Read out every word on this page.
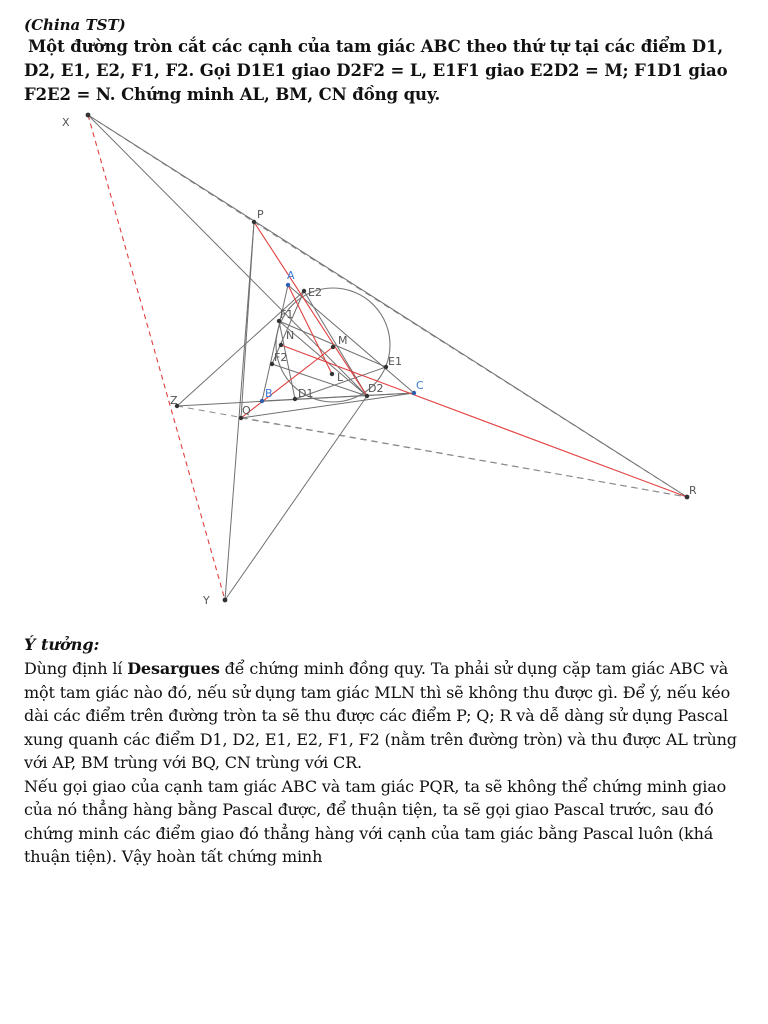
(China TST)

Một đường tròn cắt các cạnh của tam giác ABC theo thứ tự tại các điểm D1, D2, E1, E2, F1, F2. Gọi D1E1 giao D2F2 = L, E1F1 giao E2D2 = M; F1D1 giao F2E2 = N. Chứng minh AL, BM, CN đồng quy.

X
P
A
E2
F1
N	M
F2	E1
L
B D1	D2	C
Z
Q
R
Y

Ý tưởng:

Dùng định lí Desargues để chứng minh đồng quy. Ta phải sử dụng cặp tam giác ABC và một tam giác nào đó, nếu sử dụng tam giác MLN thì sẽ không thu được gì. Để ý, nếu kéo dài các điểm trên đường tròn ta sẽ thu được các điểm P; Q; R và dễ dàng sử dụng Pascal xung quanh các điểm D1, D2, E1, E2, F1, F2 (nằm trên đường tròn) và thu được AL trùng với AP, BM trùng với BQ, CN trùng với CR.

Nếu gọi giao của cạnh tam giác ABC và tam giác PQR, ta sẽ không thể chứng minh giao của nó thẳng hàng bằng Pascal được, để thuận tiện, ta sẽ gọi giao Pascal trước, sau đó chứng minh các điểm giao đó thẳng hàng với cạnh của tam giác bằng Pascal luôn (khá thuận tiện). Vậy hoàn tất chứng minh
